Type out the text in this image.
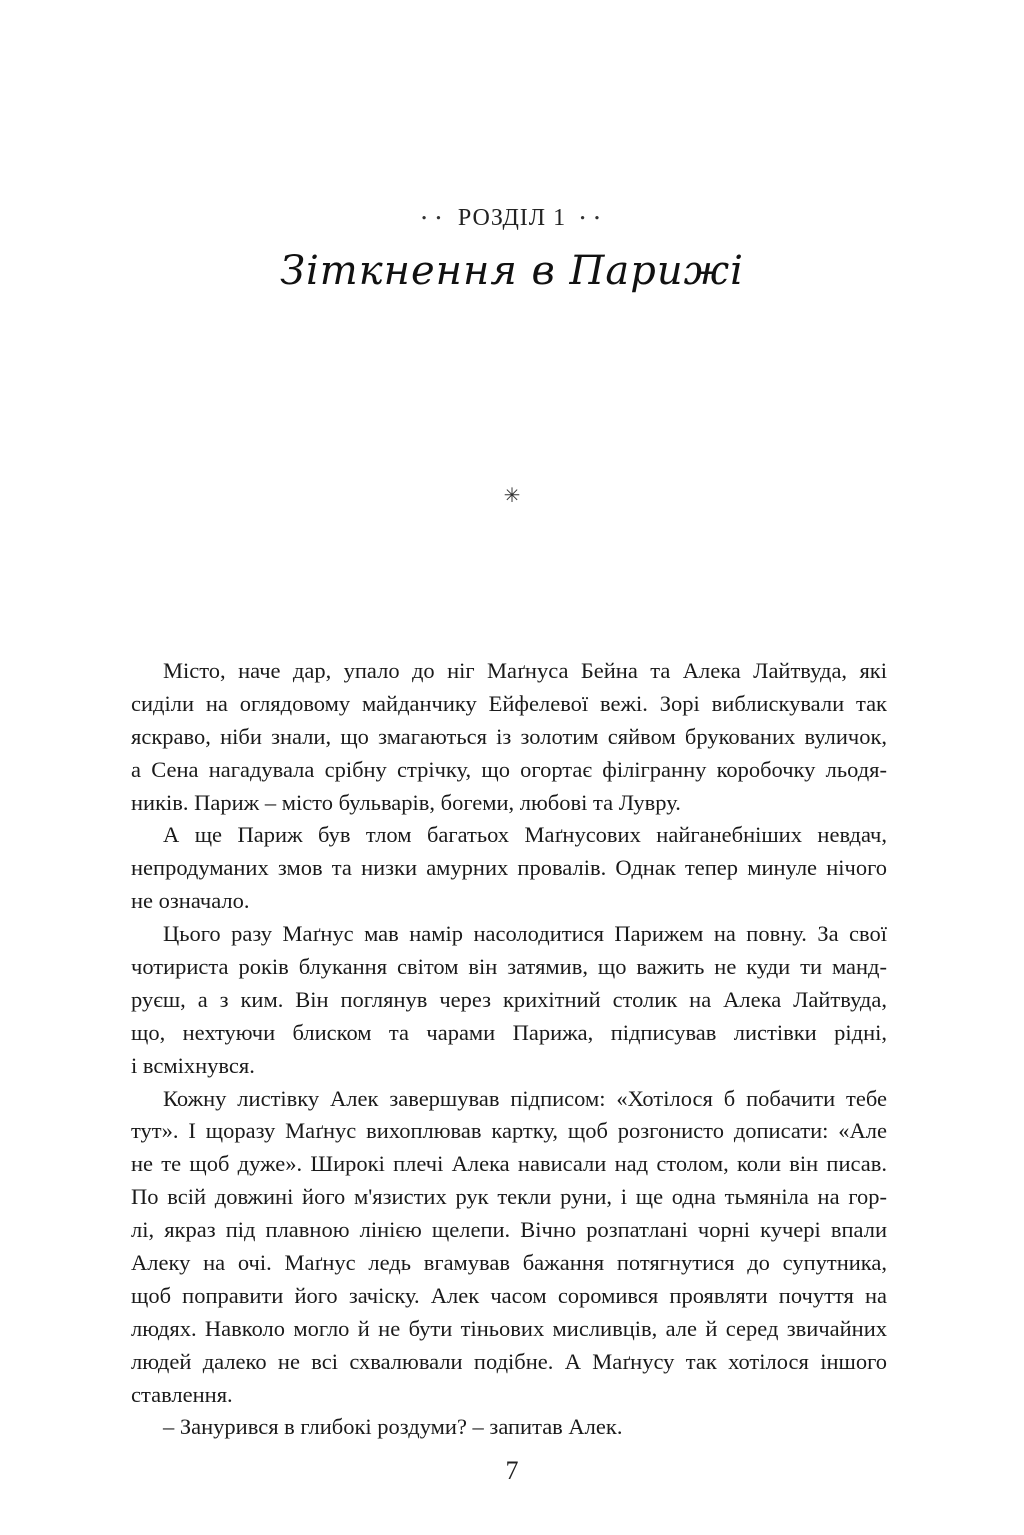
• • РОЗДІЛ 1 • •
Зіткнення в Парижі
✳
Місто, наче дар, упало до ніг Маґнуса Бейна та Алека Лайтвуда, які
сиділи на оглядовому майданчику Ейфелевої вежі. Зорі виблискували так
яскраво, ніби знали, що змагаються із золотим сяйвом брукованих вуличок,
а Сена нагадувала срібну стрічку, що огортає філігранну коробочку льодя-
ників. Париж – місто бульварів, богеми, любові та Лувру.
А ще Париж був тлом багатьох Маґнусових найганебніших невдач,
непродуманих змов та низки амурних провалів. Однак тепер минуле нічого
не означало.
Цього разу Маґнус мав намір насолодитися Парижем на повну. За свої
чотириста років блукання світом він затямив, що важить не куди ти манд-
руєш, а з ким. Він поглянув через крихітний столик на Алека Лайтвуда,
що, нехтуючи блиском та чарами Парижа, підписував листівки рідні,
і всміхнувся.
Кожну листівку Алек завершував підписом: «Хотілося б побачити тебе
тут». І щоразу Маґнус вихоплював картку, щоб розгонисто дописати: «Але
не те щоб дуже». Широкі плечі Алека нависали над столом, коли він писав.
По всій довжині його м'язистих рук текли руни, і ще одна тьмяніла на гор-
лі, якраз під плавною лінією щелепи. Вічно розпатлані чорні кучері впали
Алеку на очі. Маґнус ледь вгамував бажання потягнутися до супутника,
щоб поправити його зачіску. Алек часом соромився проявляти почуття на
людях. Навколо могло й не бути тіньових мисливців, але й серед звичайних
людей далеко не всі схвалювали подібне. А Маґнусу так хотілося іншого
ставлення.
– Занурився в глибокі роздуми? – запитав Алек.
7
